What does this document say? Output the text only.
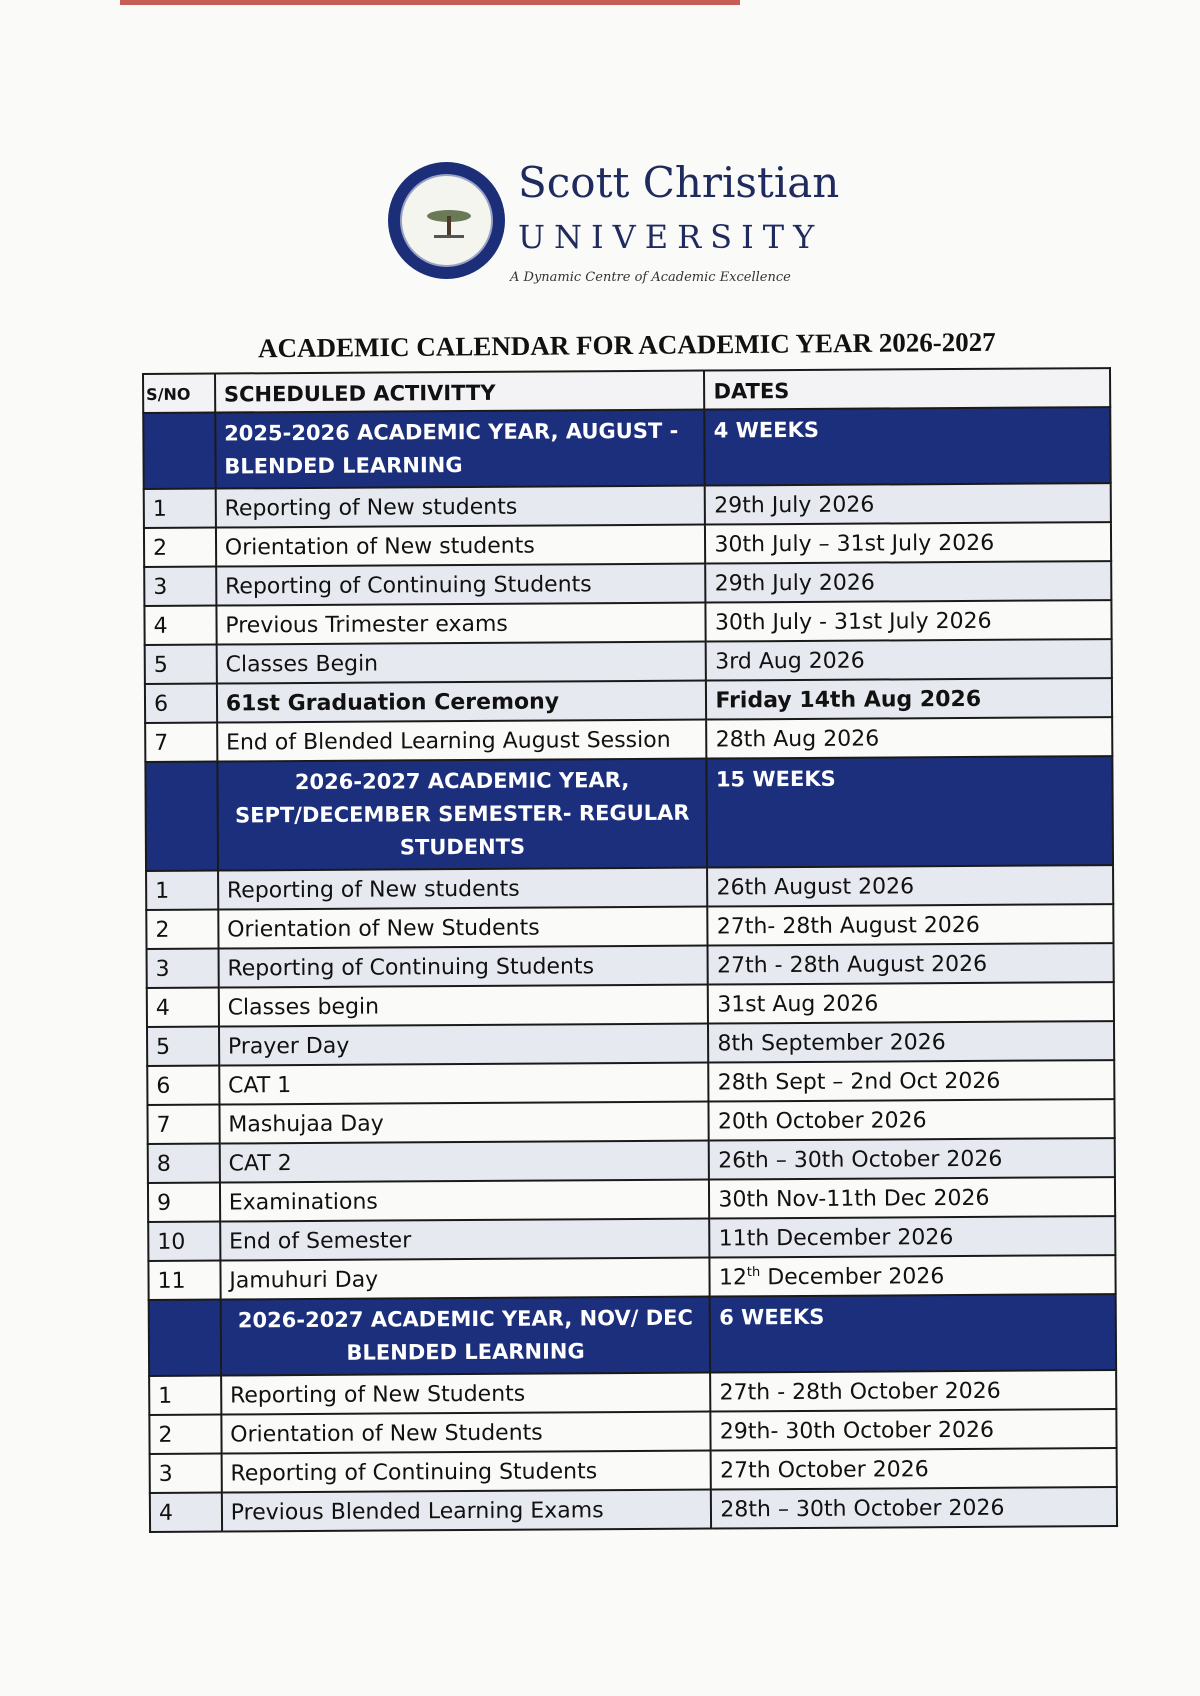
Scott Christian
UNIVERSITY
A Dynamic Centre of Academic Excellence
ACADEMIC CALENDAR FOR ACADEMIC YEAR 2026-2027
S/NO	SCHEDULED ACTIVITTY	DATES
	2025-2026 ACADEMIC YEAR, AUGUST - BLENDED LEARNING	4 WEEKS
1	Reporting of New students	29th July 2026
2	Orientation of New students	30th July – 31st July 2026
3	Reporting of Continuing Students	29th July 2026
4	Previous Trimester exams	30th July - 31st July 2026
5	Classes Begin	3rd Aug 2026
6	61st Graduation Ceremony	Friday 14th Aug 2026
7	End of Blended Learning August Session	28th Aug 2026
	2026-2027 ACADEMIC YEAR, SEPT/DECEMBER SEMESTER- REGULAR STUDENTS	15 WEEKS
1	Reporting of New students	26th August 2026
2	Orientation of New Students	27th- 28th August 2026
3	Reporting of Continuing Students	27th - 28th August 2026
4	Classes begin	31st Aug 2026
5	Prayer Day	8th September 2026
6	CAT 1	28th Sept – 2nd Oct 2026
7	Mashujaa Day	20th October 2026
8	CAT 2	26th – 30th October 2026
9	Examinations	30th Nov-11th Dec 2026
10	End of Semester	11th December 2026
11	Jamuhuri Day	12th December 2026
	2026-2027 ACADEMIC YEAR, NOV/ DEC BLENDED LEARNING	6 WEEKS
1	Reporting of New Students	27th - 28th October 2026
2	Orientation of New Students	29th- 30th October 2026
3	Reporting of Continuing Students	27th October 2026
4	Previous Blended Learning Exams	28th – 30th October 2026
